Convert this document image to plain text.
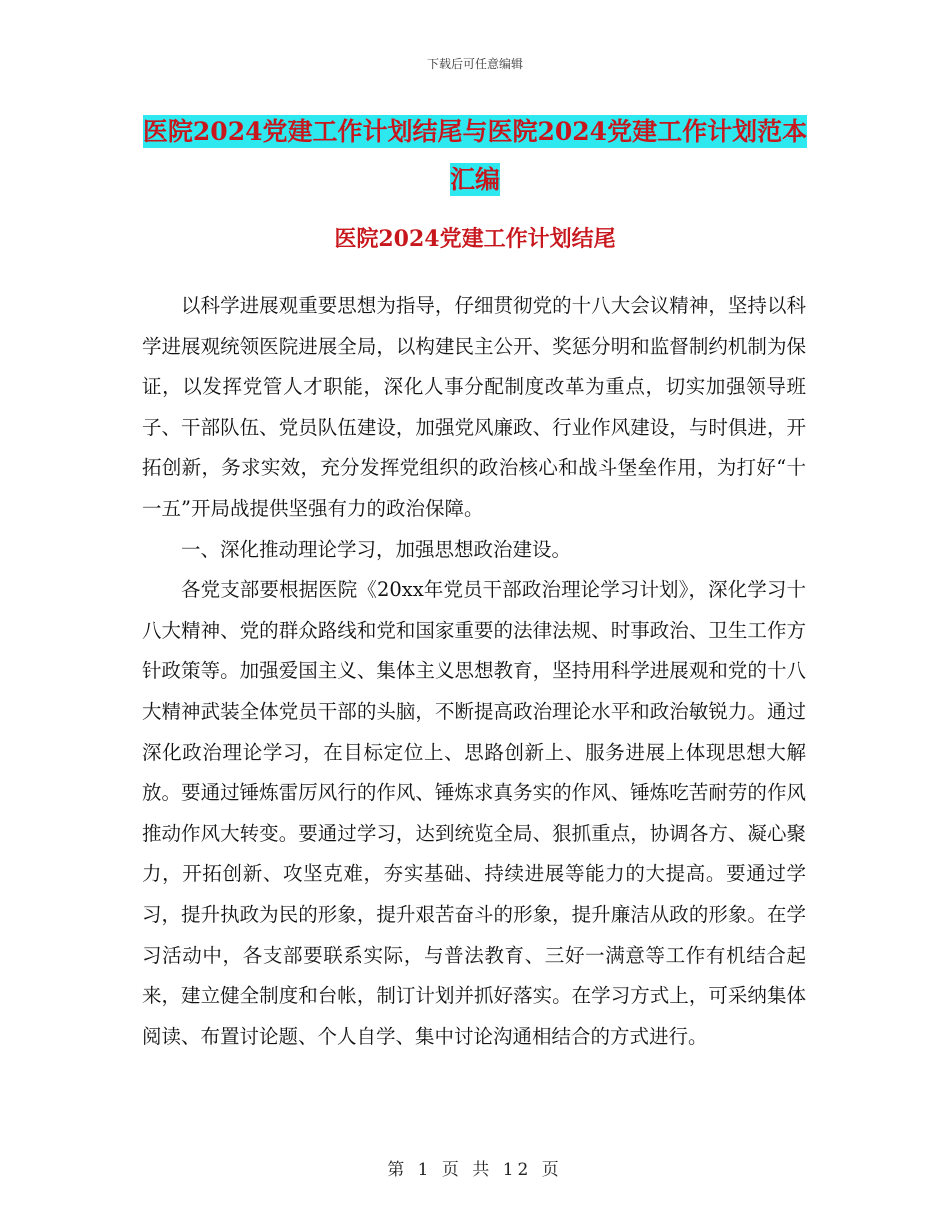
下载后可任意编辑
医院2024党建工作计划结尾与医院2024党建工作计划范本汇编
医院2024党建工作计划结尾

以科学进展观重要思想为指导，仔细贯彻党的十八大会议精神，坚持以科学进展观统领医院进展全局，以构建民主公开、奖惩分明和监督制约机制为保证，以发挥党管人才职能，深化人事分配制度改革为重点，切实加强领导班子、干部队伍、党员队伍建设，加强党风廉政、行业作风建设，与时俱进，开拓创新，务求实效，充分发挥党组织的政治核心和战斗堡垒作用，为打好“十一五”开局战提供坚强有力的政治保障。

一、深化推动理论学习，加强思想政治建设。

各党支部要根据医院《20xx年党员干部政治理论学习计划》，深化学习十八大精神、党的群众路线和党和国家重要的法律法规、时事政治、卫生工作方针政策等。加强爱国主义、集体主义思想教育，坚持用科学进展观和党的十八大精神武装全体党员干部的头脑，不断提高政治理论水平和政治敏锐力。通过深化政治理论学习，在目标定位上、思路创新上、服务进展上体现思想大解放。要通过锤炼雷厉风行的作风、锤炼求真务实的作风、锤炼吃苦耐劳的作风推动作风大转变。要通过学习，达到统览全局、狠抓重点，协调各方、凝心聚力，开拓创新、攻坚克难，夯实基础、持续进展等能力的大提高。要通过学习，提升执政为民的形象，提升艰苦奋斗的形象，提升廉洁从政的形象。在学习活动中，各支部要联系实际，与普法教育、三好一满意等工作有机结合起来，建立健全制度和台帐，制订计划并抓好落实。在学习方式上，可采纳集体阅读、布置讨论题、个人自学、集中讨论沟通相结合的方式进行。

第 1 页 共 12 页
